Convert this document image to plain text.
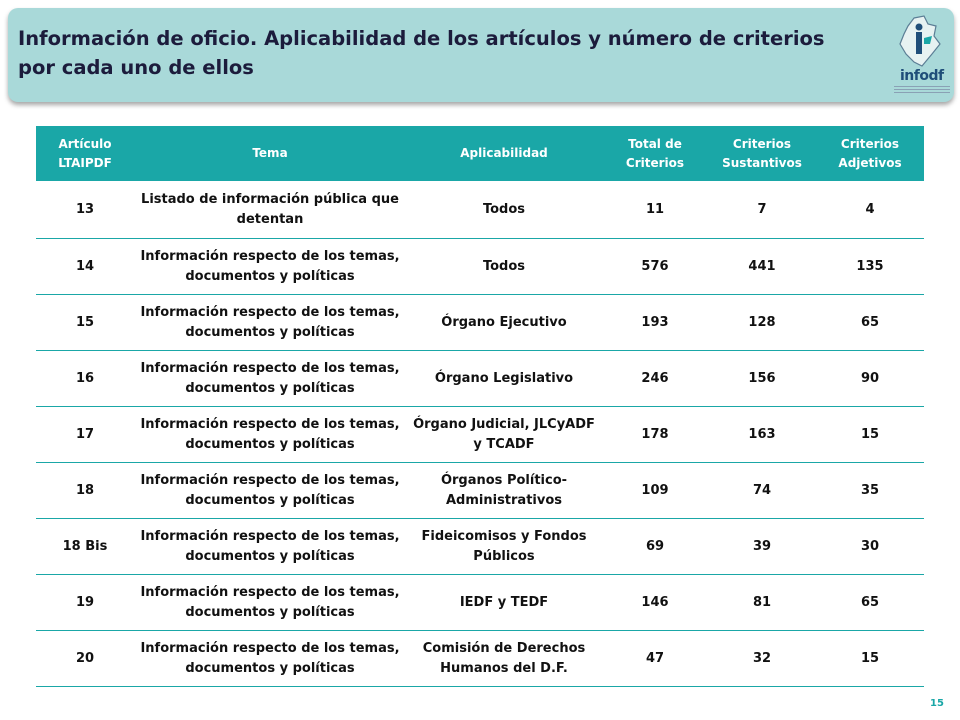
Información de oficio. Aplicabilidad de los artículos y número de criterios por cada uno de ellos	infodf
Artículo LTAIPDF	Tema	Aplicabilidad	Total de Criterios	Criterios Sustantivos	Criterios Adjetivos
13	Listado de información pública que detentan	Todos	11	7	4
14	Información respecto de los temas, documentos y políticas	Todos	576	441	135
15	Información respecto de los temas, documentos y políticas	Órgano Ejecutivo	193	128	65
16	Información respecto de los temas, documentos y políticas	Órgano Legislativo	246	156	90
17	Información respecto de los temas, documentos y políticas	Órgano Judicial, JLCyADF y TCADF	178	163	15
18	Información respecto de los temas, documentos y políticas	Órganos Político-Administrativos	109	74	35
18 Bis	Información respecto de los temas, documentos y políticas	Fideicomisos y Fondos Públicos	69	39	30
19	Información respecto de los temas, documentos y políticas	IEDF y TEDF	146	81	65
20	Información respecto de los temas, documentos y políticas	Comisión de Derechos Humanos del D.F.	47	32	15
15
